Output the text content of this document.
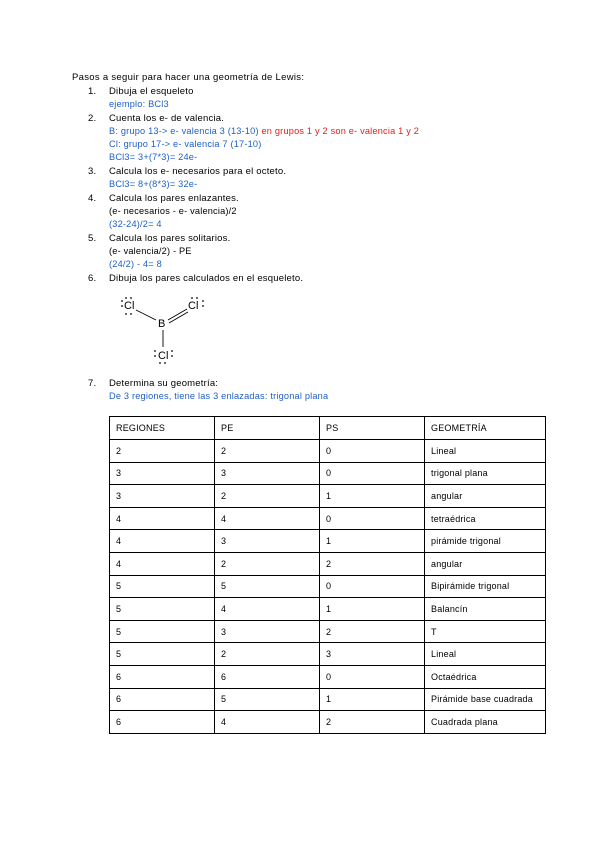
Pasos a seguir para hacer una geometría de Lewis:
1. Dibuja el esqueleto
ejemplo: BCl3
2. Cuenta los e- de valencia.
B: grupo 13-> e- valencia 3 (13-10) en grupos 1 y 2 son e- valencia 1 y 2
Cl: grupo 17-> e- valencia 7 (17-10)
BCl3= 3+(7*3)= 24e-
3. Calcula los e- necesarios para el octeto.
BCl3= 8+(8*3)= 32e-
4. Calcula los pares enlazantes.
(e- necesarios - e- valencia)/2
(32-24)/2= 4
5. Calcula los pares solitarios.
(e- valencia/2) - PE
(24/2) - 4= 8
6. Dibuja los pares calculados en el esqueleto.
Cl
B
Cl
Cl
7. Determina su geometría:
De 3 regiones, tiene las 3 enlazadas: trigonal plana
REGIONES	PE	PS	GEOMETRÍA
2	2	0	Lineal
3	3	0	trigonal plana
3	2	1	angular
4	4	0	tetraédrica
4	3	1	pirámide trigonal
4	2	2	angular
5	5	0	Bipirámide trigonal
5	4	1	Balancín
5	3	2	T
5	2	3	Lineal
6	6	0	Octaédrica
6	5	1	Pirámide base cuadrada
6	4	2	Cuadrada plana
